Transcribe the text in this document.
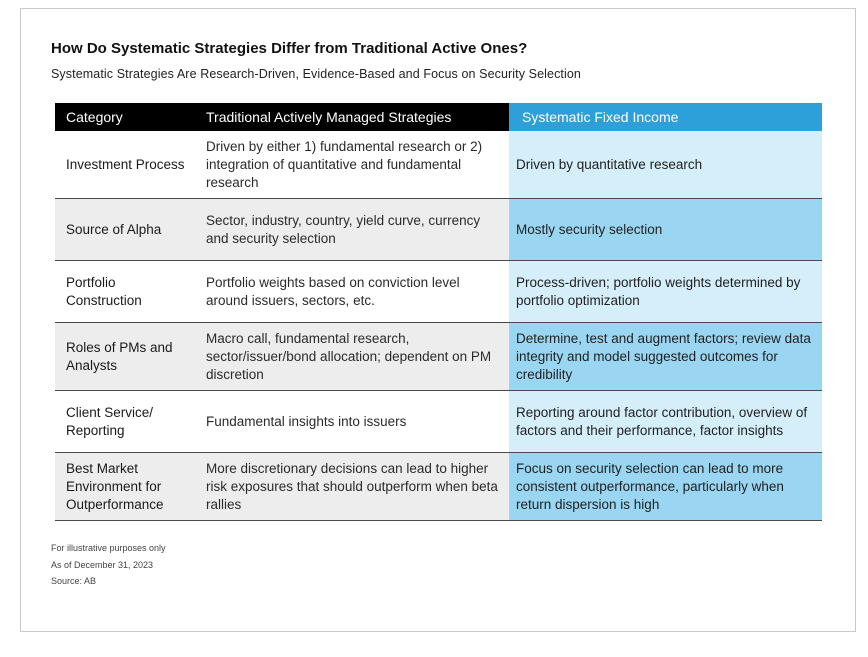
How Do Systematic Strategies Differ from Traditional Active Ones?
Systematic Strategies Are Research-Driven, Evidence-Based and Focus on Security Selection
Category	Traditional Actively Managed Strategies	Systematic Fixed Income
Investment Process
Driven by either 1) fundamental research or 2) integration of quantitative and fundamental research
Driven by quantitative research
Source of Alpha
Sector, industry, country, yield curve, currency and security selection
Mostly security selection
Portfolio Construction
Portfolio weights based on conviction level around issuers, sectors, etc.
Process-driven; portfolio weights determined by portfolio optimization
Roles of PMs and Analysts
Macro call, fundamental research, sector/issuer/bond allocation; dependent on PM discretion
Determine, test and augment factors; review data integrity and model suggested outcomes for credibility
Client Service/ Reporting
Fundamental insights into issuers
Reporting around factor contribution, overview of factors and their performance, factor insights
Best Market Environment for Outperformance
More discretionary decisions can lead to higher risk exposures that should outperform when beta rallies
Focus on security selection can lead to more consistent outperformance, particularly when return dispersion is high
For illustrative purposes only
As of December 31, 2023
Source: AB
